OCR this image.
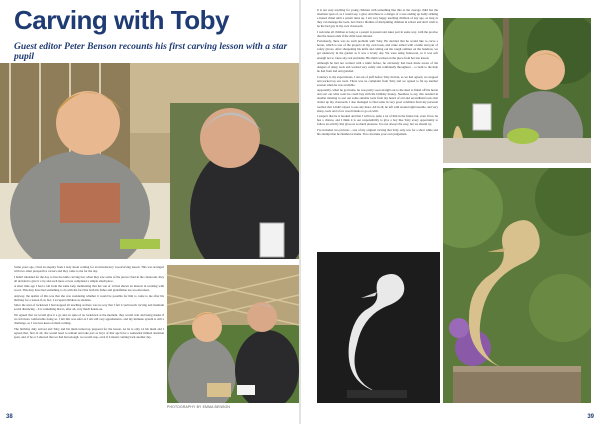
Carving with Toby

Guest editor Peter Benson recounts his first carving lesson with a star pupil

Some years ago, I had an enquiry from a lady about coming for an introductory woodcarving lesson. This was arranged with two other prospective carvers and they came to me for the day.

I hadn't intended for the day to involve knife carving but, when they saw some of the pieces I had in the classroom, they all decided to give it a try and each more or less completed a simple small piece.

A short time ago I had a call from the same lady, mentioning that her son of 14 had shown an interest in working with wood. This may have had something to do with the fact that both his father and grandfather are woodworkers.

Anyway, the upshot of this was that she was wondering whether it would be possible for him to come to me after his birthday for a lesson if, in fact, I accepted children as students.

Since the start of lockdown I had stopped all teaching as there was no way that I felt I could teach carving and maintain social distancing – it is something that is, after all, very much hands-on.

We agreed that we would give it a go and, in spite of no lockdown at the moment, they would wait and being masks if we felt more comfortable doing so. I felt this was safer as I am still very apprehensive, and my immune system is still a challenge, so I was less keen on them coming.

The birthday duly arrived and Toby and his mum turned up prepared for the lesson. As he is only 14 his mum and I agreed that, first of all, she would need to remain and take part as boys of that age have a somewhat limited attention span, and, if he or I showed that we had had enough, we would stop, even if it meant coming back another day.

PHOTOGRAPHY BY EMMA BENSON
38

It is not easy teaching for young children with something like this as the average child has the attention span of, as I would say, a gnat. And there is a danger of a sore ending up badly striking a honed chisel until a parent turns up. I am very happy teaching children of any age, as long as they can manage the tools, but I had a lifetime of disciplining children in school and don't wish to be the bad guy in my own classroom.

I welcome all children as long as a parent is present and takes part in some way, with the proviso that the lesson ends if the child loses interest.

Fortunately, there was no such problem with Toby. He decided that he would like to carve a heron, which is one of the projects in my own book, and came armed with a knife and pair of safety gloves. After sharpening his knife and cutting out the rough outlines on the bandsaw, we got underway in the garden as it was a lovely day. We were using basswood, so it was soft enough not to cause any real problems. His mum worked on the piece from her last lesson.

Although he had not worked with a knife before, he obviously had been made aware of the dangers of sharp tools and worked very safely and confidently throughout – a credit to the help he had from dad and grandad.

Contrary to my expectations, I ran out of puff before Toby did but, as we had agreed, we stopped and packed up our tools. There was no complaint from Toby and we agreed to fix up another session when he was available.

Apparently, when he got home, he was pretty soon straight out to the shed to finish off his heron and sort out what tools he could buy with his birthday money. Needless to say, this resulted in another meeting to sort out some suitable tools from my hoard of old and secondhand tools that clutter up my classroom. I also managed to find some in very good condition from my personal toolbox that I didn't expect to use any more. All in all, he left with around eight useable, and very sharp, tools and a few wood blanks to go on with.

I suspect that he is hooked and that I will now quite a lot of him in the future but, even if not, he has a chance, and I think it is our responsibility to give a boy like Toby every opportunity to follow an activity that gives us so much pleasure. It is not always the easy, but we should try.

I've included two pictures – one of my original carving that Toby only saw for a short while and his attempt that he finished at home. You can make your own judgement.

39
